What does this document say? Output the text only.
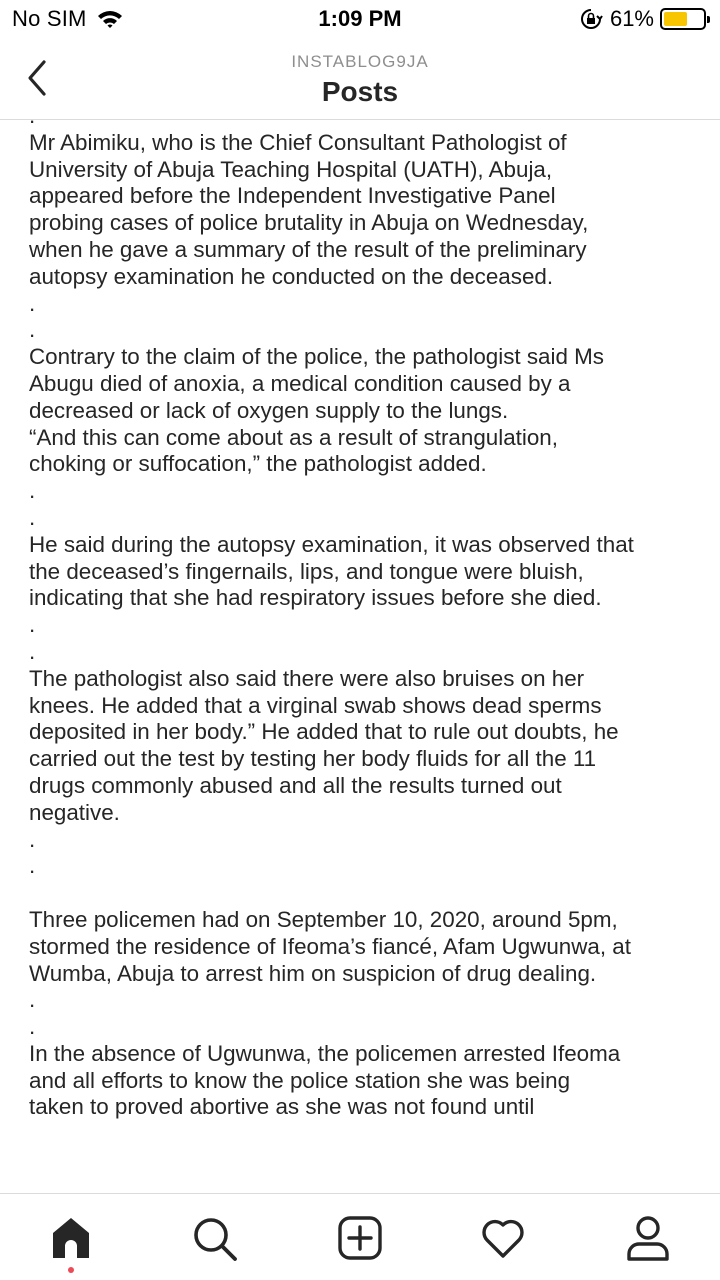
No SIM	1:09 PM	61%
INSTABLOG9JA
Posts
.
Mr Abimiku, who is the Chief Consultant Pathologist of
University of Abuja Teaching Hospital (UATH), Abuja,
appeared before the Independent Investigative Panel
probing cases of police brutality in Abuja on Wednesday,
when he gave a summary of the result of the preliminary
autopsy examination he conducted on the deceased.
.
.
Contrary to the claim of the police, the pathologist said Ms
Abugu died of anoxia, a medical condition caused by a
decreased or lack of oxygen supply to the lungs.
“And this can come about as a result of strangulation,
choking or suffocation,” the pathologist added.
.
.
He said during the autopsy examination, it was observed that
the deceased’s fingernails, lips, and tongue were bluish,
indicating that she had respiratory issues before she died.
.
.
The pathologist also said there were also bruises on her
knees. He added that a virginal swab shows dead sperms
deposited in her body.” He added that to rule out doubts, he
carried out the test by testing her body fluids for all the 11
drugs commonly abused and all the results turned out
negative.
.
.

Three policemen had on September 10, 2020, around 5pm,
stormed the residence of Ifeoma’s fiancé, Afam Ugwunwa, at
Wumba, Abuja to arrest him on suspicion of drug dealing.
.
.
In the absence of Ugwunwa, the policemen arrested Ifeoma
and all efforts to know the police station she was being
taken to proved abortive as she was not found until
